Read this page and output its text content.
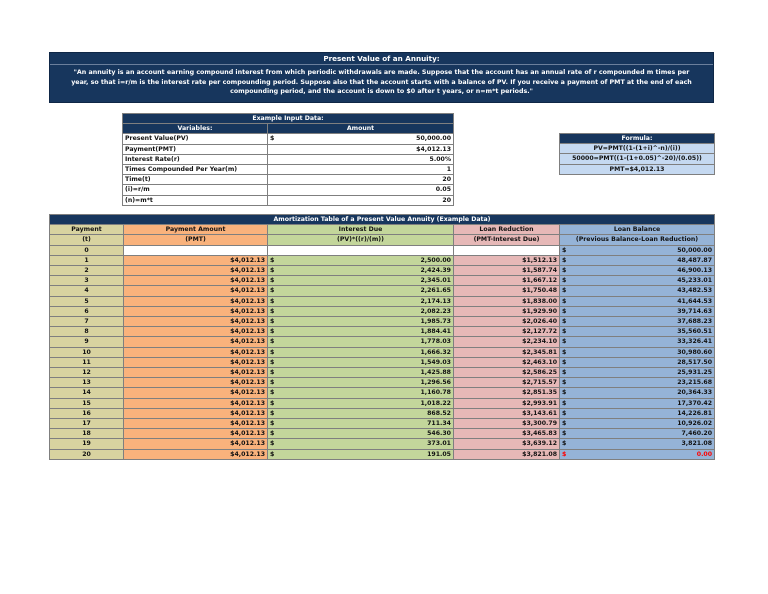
Present Value of an Annuity:
"An annuity is an account earning compound interest from which periodic withdrawals are made. Suppose that the account has an annual rate of r compounded m times per
year, so that i=r/m is the interest rate per compounding period. Suppose also that the account starts with a balance of PV. If you receive a payment of PMT at the end of each
compounding period, and the account is down to $0 after t years, or n=m*t periods."
Example Input Data:	
Variables:	Amount
Present Value(PV)	$ 50,000.00

Payment(PMT)	$4,012.13

Interest Rate(r)	5.00%

Times Compounded Per Year(m)	1

Time(t)	20

(i)=r/m	0.05

(n)=m*t	20
Formula:
PV=PMT((1-(1+i)^-n)/(i))
50000=PMT((1-(1+0.05)^-20)/(0.05))
PMT=$4,012.13
Amortization Table of a Present Value Annuity (Example Data)				
Payment	Payment Amount	Interest Due	Loan Reduction	Loan Balance
(t)	(PMT)	(PV)*((r)/(m))	(PMT-Interest Due)	(Previous Balance-Loan Reduction)
0				$ 50,000.00

1	$4,012.13	$ 2,500.00	$1,512.13	$ 48,487.87

2	$4,012.13	$ 2,424.39	$1,587.74	$ 46,900.13

3	$4,012.13	$ 2,345.01	$1,667.12	$ 45,233.01

4	$4,012.13	$ 2,261.65	$1,750.48	$ 43,482.53

5	$4,012.13	$ 2,174.13	$1,838.00	$ 41,644.53

6	$4,012.13	$ 2,082.23	$1,929.90	$ 39,714.63

7	$4,012.13	$ 1,985.73	$2,026.40	$ 37,688.23

8	$4,012.13	$ 1,884.41	$2,127.72	$ 35,560.51

9	$4,012.13	$ 1,778.03	$2,234.10	$ 33,326.41

10	$4,012.13	$ 1,666.32	$2,345.81	$ 30,980.60

11	$4,012.13	$ 1,549.03	$2,463.10	$ 28,517.50

12	$4,012.13	$ 1,425.88	$2,586.25	$ 25,931.25

13	$4,012.13	$ 1,296.56	$2,715.57	$ 23,215.68

14	$4,012.13	$ 1,160.78	$2,851.35	$ 20,364.33

15	$4,012.13	$ 1,018.22	$2,993.91	$ 17,370.42

16	$4,012.13	$ 868.52	$3,143.61	$ 14,226.81

17	$4,012.13	$ 711.34	$3,300.79	$ 10,926.02

18	$4,012.13	$ 546.30	$3,465.83	$ 7,460.20

19	$4,012.13	$ 373.01	$3,639.12	$ 3,821.08

20	$4,012.13	$ 191.05	$3,821.08	$ 0.00
